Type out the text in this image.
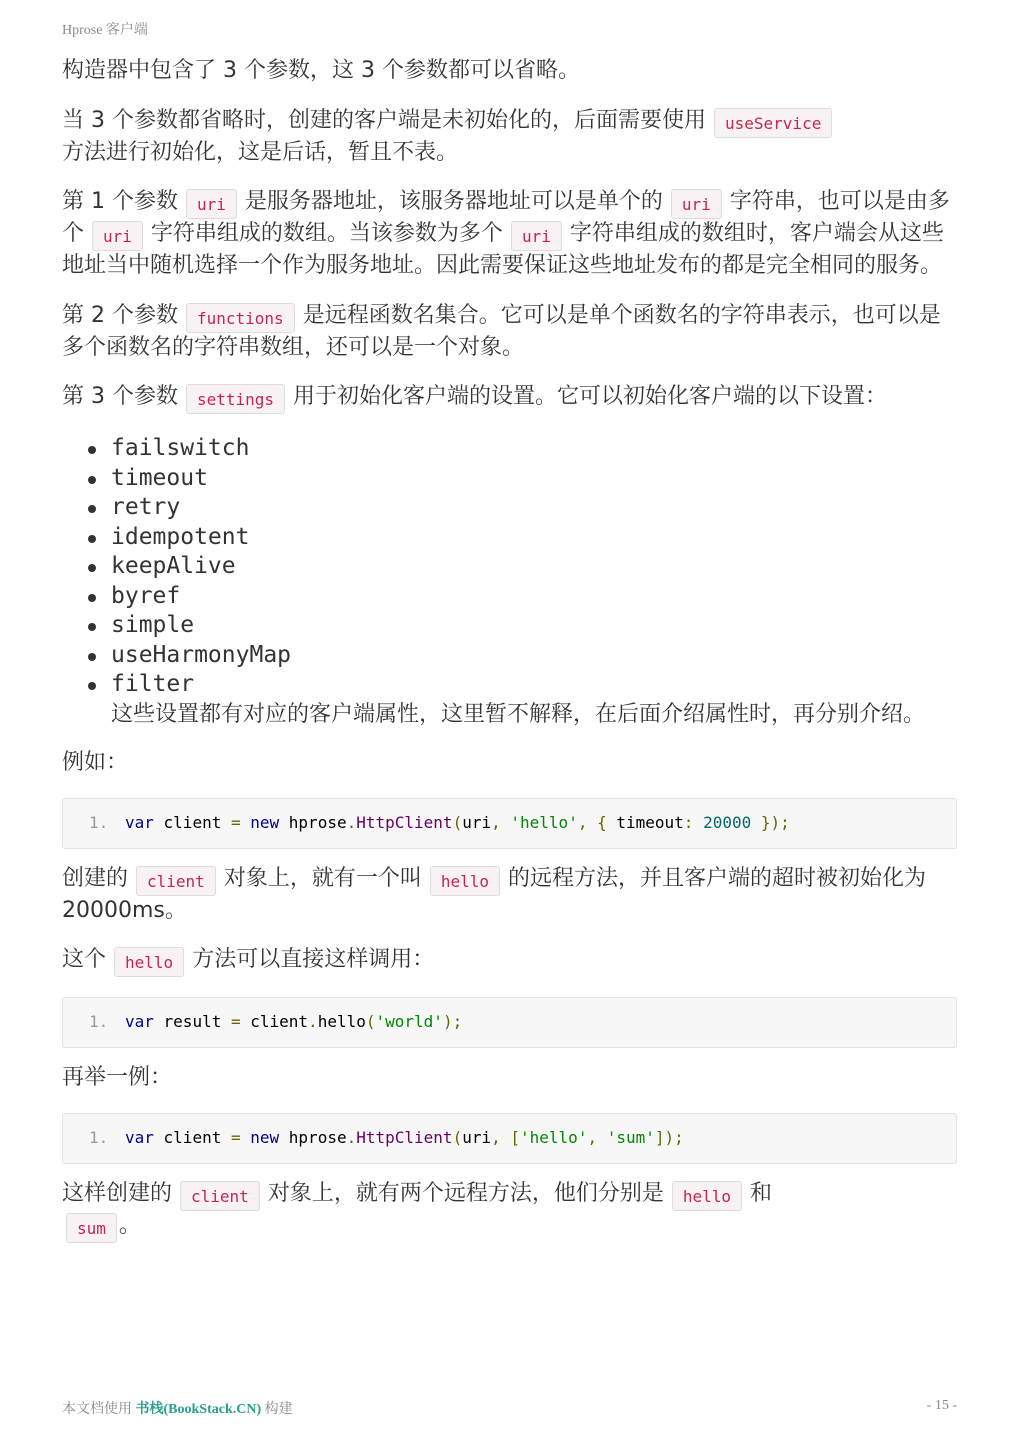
Hprose 客户端

构造器中包含了 3 个参数，这 3 个参数都可以省略。

当 3 个参数都省略时，创建的客户端是未初始化的，后面需要使用 useService
方法进行初始化，这是后话，暂且不表。

第 1 个参数 uri 是服务器地址，该服务器地址可以是单个的 uri 字符串，也可以是由多个 uri 字符串组成的数组。当该参数为多个 uri 字符串组成的数组时，客户端会从这些地址当中随机选择一个作为服务地址。因此需要保证这些地址发布的都是完全相同的服务。

第 2 个参数 functions 是远程函数名集合。它可以是单个函数名的字符串表示，也可以是多个函数名的字符串数组，还可以是一个对象。

第 3 个参数 settings 用于初始化客户端的设置。它可以初始化客户端的以下设置：

failswitch
timeout
retry
idempotent
keepAlive
byref
simple
useHarmonyMap
filter
这些设置都有对应的客户端属性，这里暂不解释，在后面介绍属性时，再分别介绍。

例如：

1. var client = new hprose.HttpClient(uri, 'hello', { timeout: 20000 });

创建的 client 对象上，就有一个叫 hello 的远程方法，并且客户端的超时被初始化为 20000ms。

这个 hello 方法可以直接这样调用：

1. var result = client.hello('world');

再举一例：

1. var client = new hprose.HttpClient(uri, ['hello', 'sum']);

这样创建的 client 对象上，就有两个远程方法，他们分别是 hello 和
sum 。

本文档使用 书栈(BookStack.CN) 构建	- 15 -
